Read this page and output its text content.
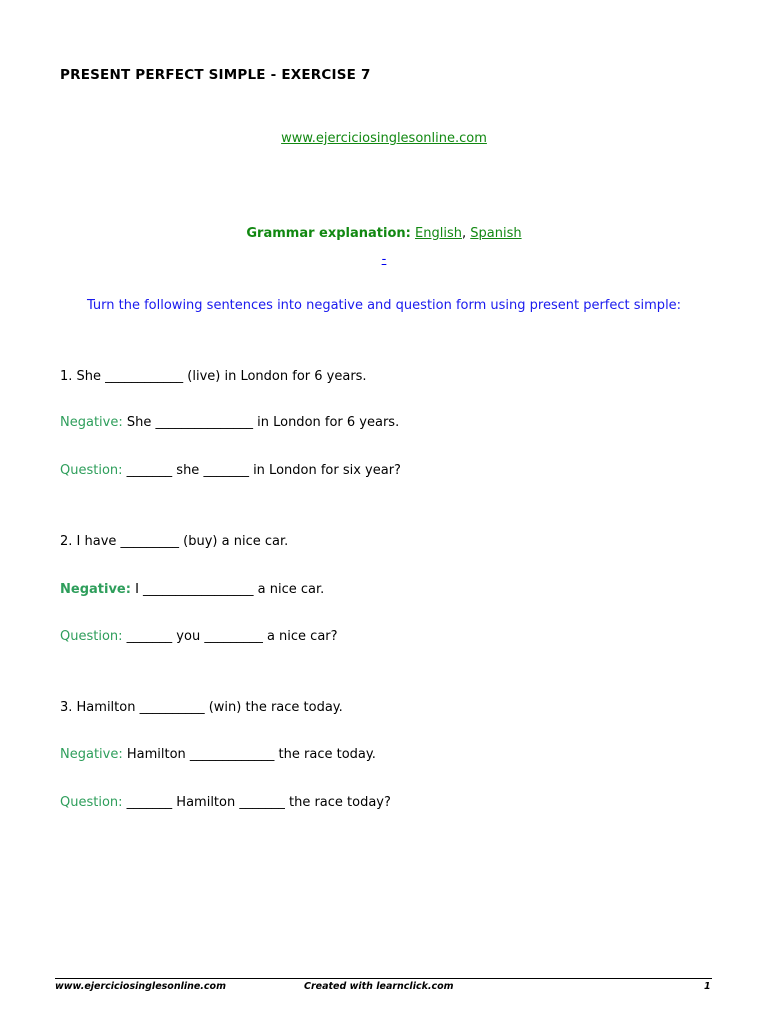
PRESENT PERFECT SIMPLE - EXERCISE 7
www.ejerciciosinglesonline.com
Grammar explanation: English, Spanish
-
Turn the following sentences into negative and question form using present perfect simple:
1. She ____________ (live) in London for 6 years.
Negative: She _______________ in London for 6 years.
Question: _______ she _______ in London for six year?
2. I have _________ (buy) a nice car.
Negative: I _________________ a nice car.
Question: _______ you _________ a nice car?
3. Hamilton __________ (win) the race today.
Negative: Hamilton _____________ the race today.
Question: _______ Hamilton _______ the race today?
www.ejerciciosinglesonline.com	Created with learnclick.com	1
